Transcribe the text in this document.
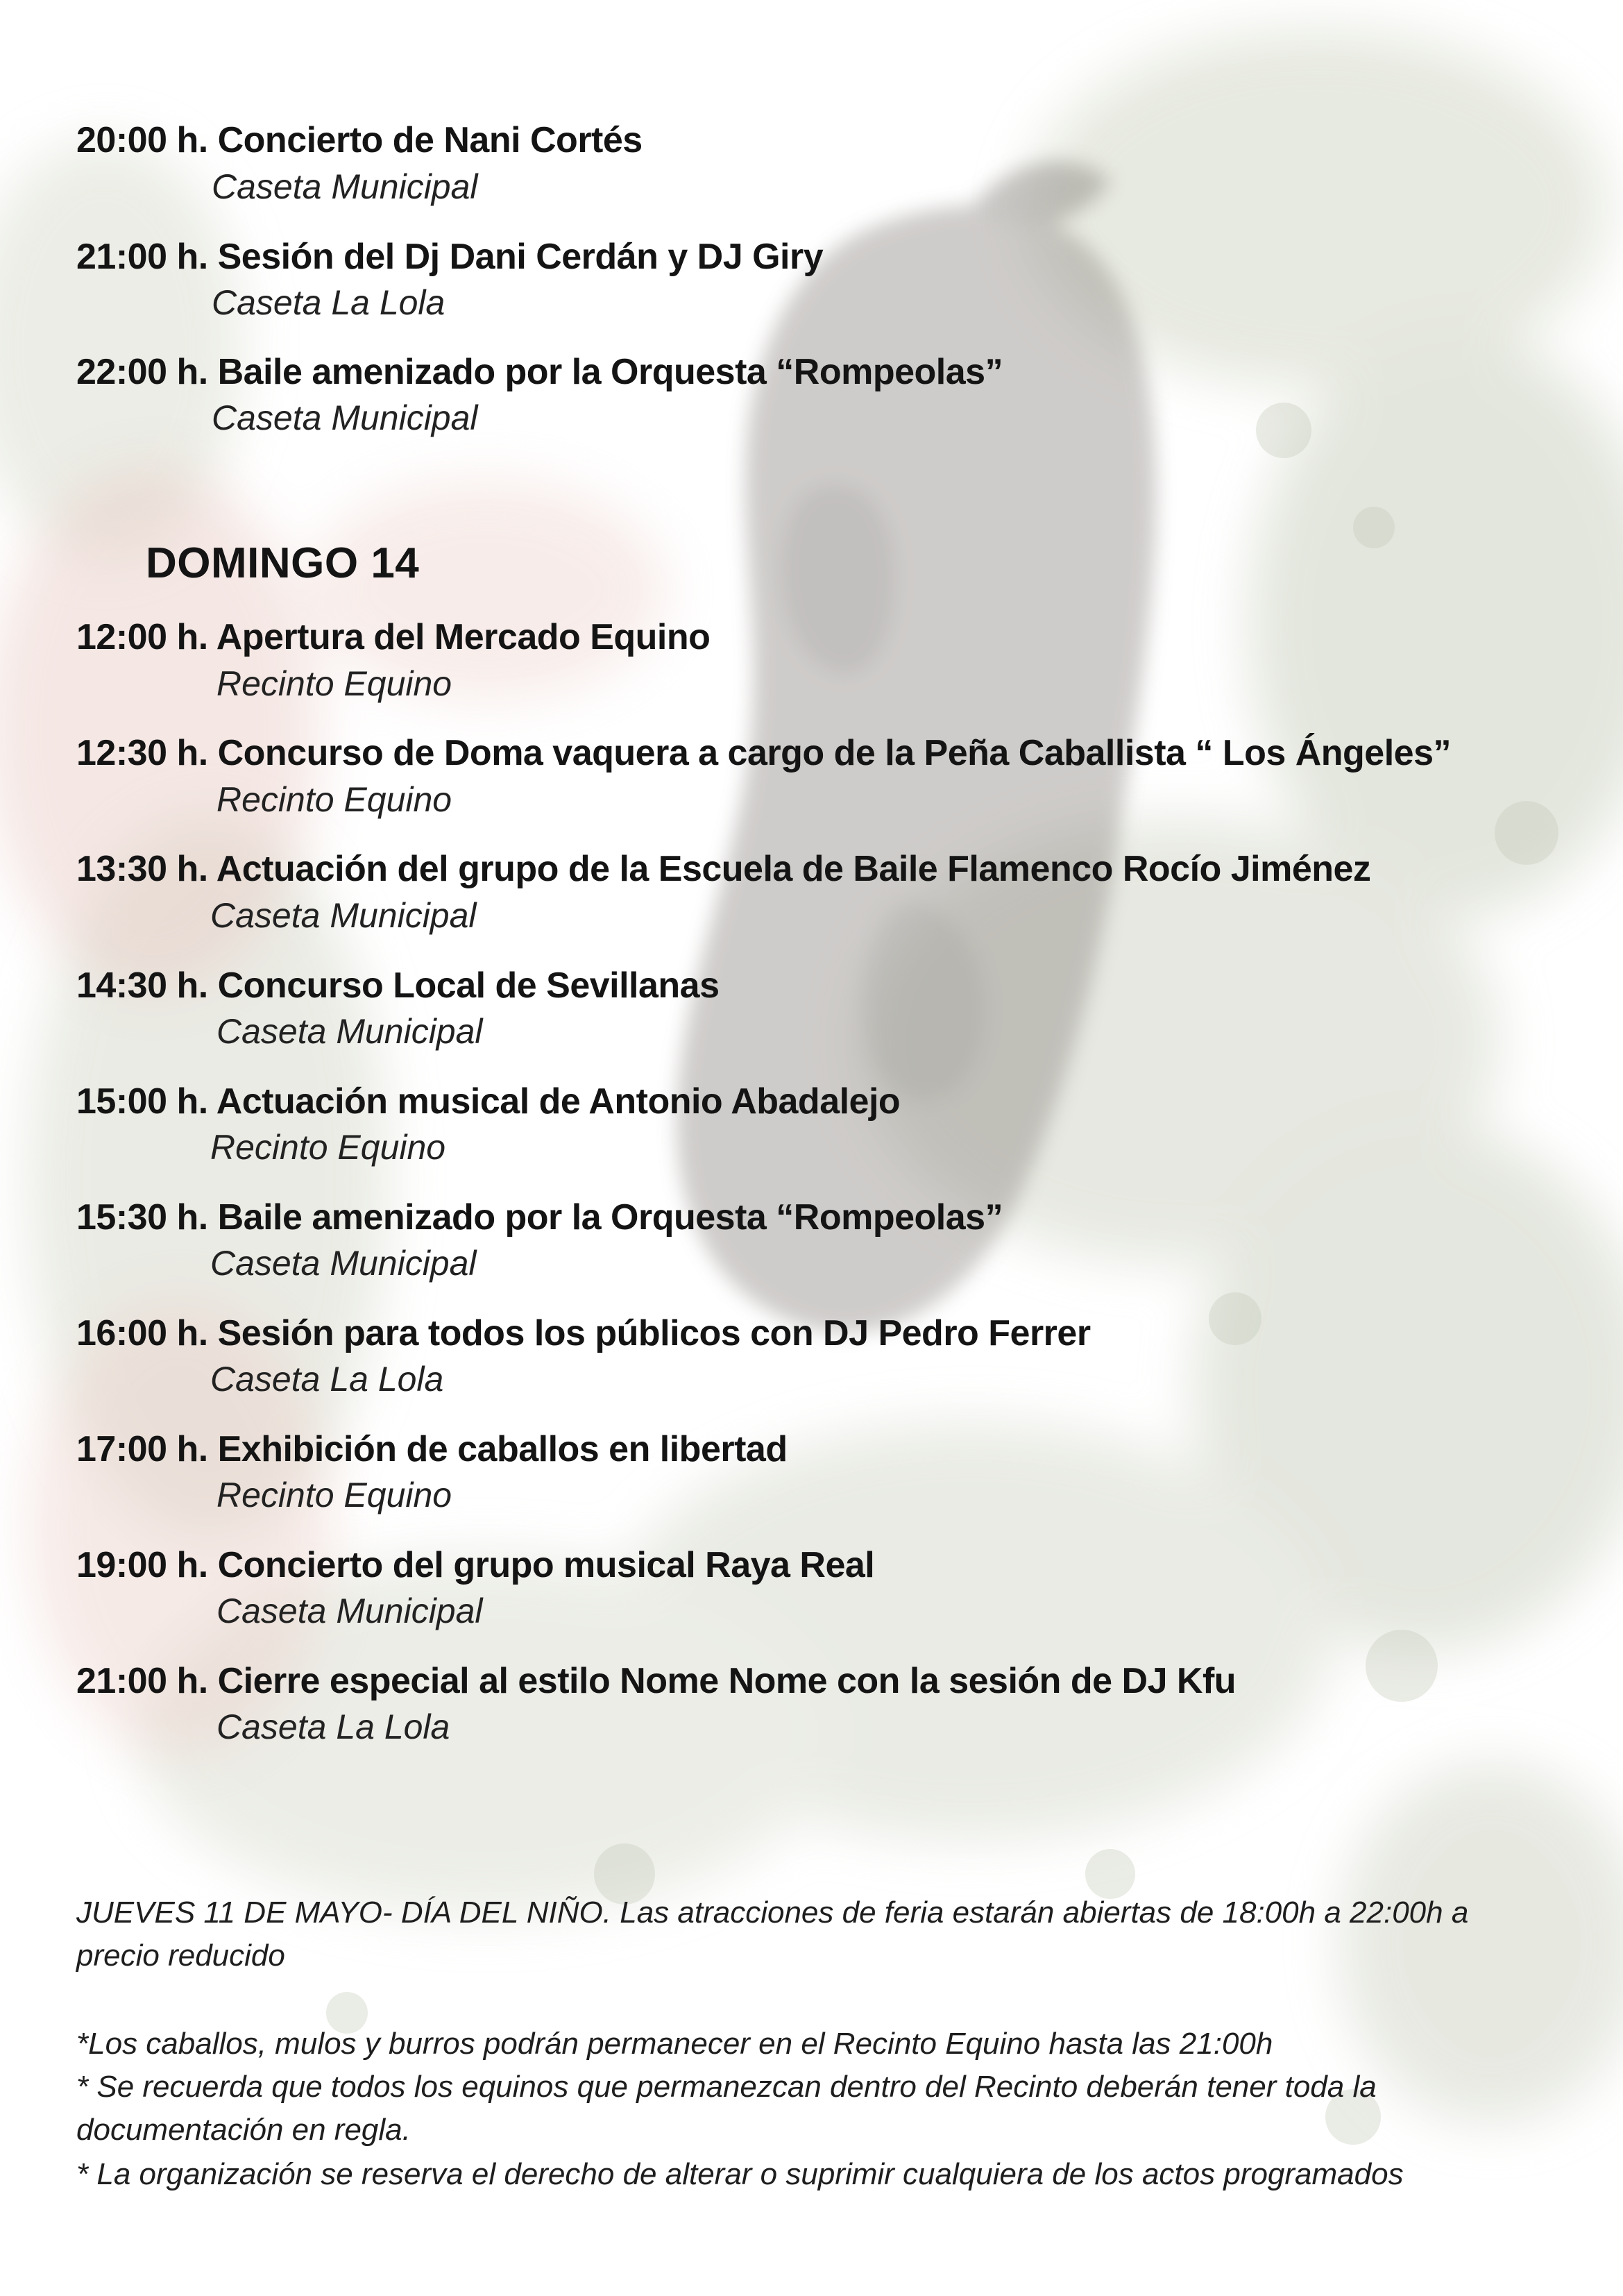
20:00 h. Concierto de Nani Cortés
Caseta Municipal
21:00 h. Sesión del Dj Dani Cerdán y DJ Giry
Caseta La Lola
22:00 h. Baile amenizado por la Orquesta “Rompeolas”
Caseta Municipal
DOMINGO 14
12:00 h. Apertura del Mercado Equino
Recinto Equino
12:30 h. Concurso de Doma vaquera a cargo de la Peña Caballista “ Los Ángeles”
Recinto Equino
13:30 h. Actuación del grupo de la Escuela de Baile Flamenco Rocío Jiménez
Caseta Municipal
14:30 h. Concurso Local de Sevillanas
Caseta Municipal
15:00 h. Actuación musical de Antonio Abadalejo
Recinto Equino
15:30 h. Baile amenizado por la Orquesta “Rompeolas”
Caseta Municipal
16:00 h. Sesión para todos los públicos con DJ Pedro Ferrer
Caseta La Lola
17:00 h. Exhibición de caballos en libertad
Recinto Equino
19:00 h. Concierto del grupo musical Raya Real
Caseta Municipal
21:00 h. Cierre especial al estilo Nome Nome con la sesión de DJ Kfu
Caseta La Lola
JUEVES 11 DE MAYO- DÍA DEL NIÑO. Las atracciones de feria estarán abiertas de 18:00h a 22:00h a precio reducido
*Los caballos, mulos y burros podrán permanecer en el Recinto Equino hasta las 21:00h
* Se recuerda que todos los equinos que permanezcan dentro del Recinto deberán tener toda la documentación en regla.
* La organización se reserva el derecho de alterar o suprimir cualquiera de los actos programados
